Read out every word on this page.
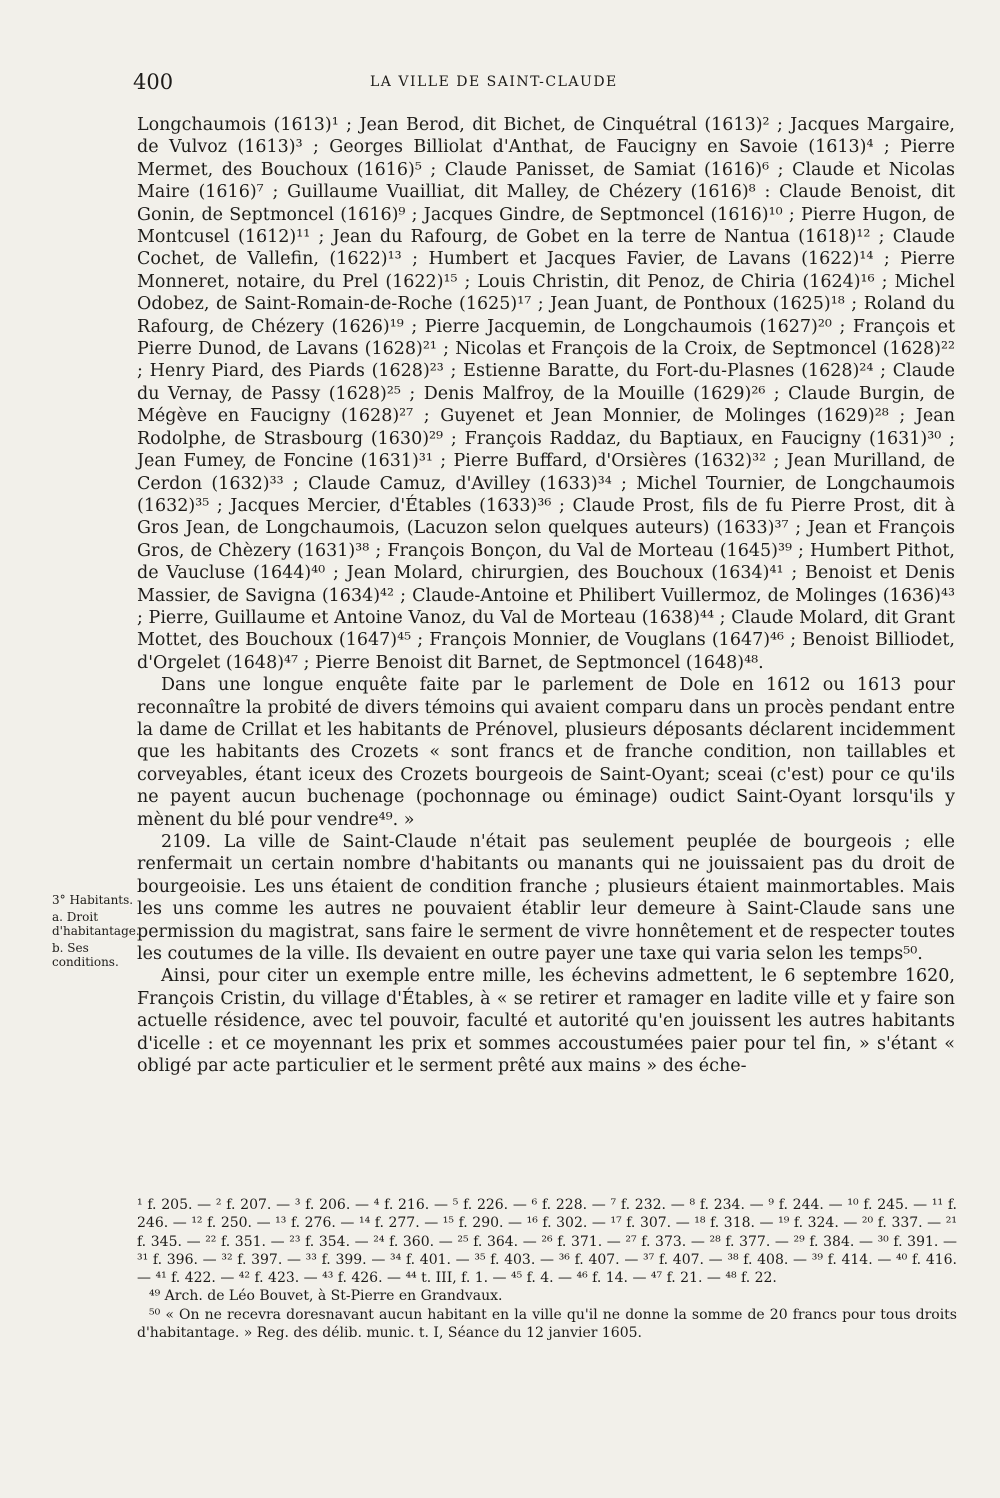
400	LA VILLE DE SAINT-CLAUDE

Longchaumois (1613)¹ ; Jean Berod, dit Bichet, de Cinquétral (1613)² ; Jacques Margaire, de Vulvoz (1613)³ ; Georges Billiolat d'Anthat, de Faucigny en Savoie (1613)⁴ ; Pierre Mermet, des Bouchoux (1616)⁵ ; Claude Panisset, de Samiat (1616)⁶ ; Claude et Nicolas Maire (1616)⁷ ; Guillaume Vuailliat, dit Malley, de Chézery (1616)⁸ : Claude Benoist, dit Gonin, de Septmoncel (1616)⁹ ; Jacques Gindre, de Septmoncel (1616)¹⁰ ; Pierre Hugon, de Montcusel (1612)¹¹ ; Jean du Rafourg, de Gobet en la terre de Nantua (1618)¹² ; Claude Cochet, de Vallefin, (1622)¹³ ; Humbert et Jacques Favier, de Lavans (1622)¹⁴ ; Pierre Monneret, notaire, du Prel (1622)¹⁵ ; Louis Christin, dit Penoz, de Chiria (1624)¹⁶ ; Michel Odobez, de Saint-Romain-de-Roche (1625)¹⁷ ; Jean Juant, de Ponthoux (1625)¹⁸ ; Roland du Rafourg, de Chézery (1626)¹⁹ ; Pierre Jacquemin, de Longchaumois (1627)²⁰ ; François et Pierre Dunod, de Lavans (1628)²¹ ; Nicolas et François de la Croix, de Septmoncel (1628)²² ; Henry Piard, des Piards (1628)²³ ; Estienne Baratte, du Fort-du-Plasnes (1628)²⁴ ; Claude du Vernay, de Passy (1628)²⁵ ; Denis Malfroy, de la Mouille (1629)²⁶ ; Claude Burgin, de Mégève en Faucigny (1628)²⁷ ; Guyenet et Jean Monnier, de Molinges (1629)²⁸ ; Jean Rodolphe, de Strasbourg (1630)²⁹ ; François Raddaz, du Baptiaux, en Faucigny (1631)³⁰ ; Jean Fumey, de Foncine (1631)³¹ ; Pierre Buffard, d'Orsières (1632)³² ; Jean Murilland, de Cerdon (1632)³³ ; Claude Camuz, d'Avilley (1633)³⁴ ; Michel Tournier, de Longchaumois (1632)³⁵ ; Jacques Mercier, d'Étables (1633)³⁶ ; Claude Prost, fils de fu Pierre Prost, dit à Gros Jean, de Longchaumois, (Lacuzon selon quelques auteurs) (1633)³⁷ ; Jean et François Gros, de Chèzery (1631)³⁸ ; François Bonçon, du Val de Morteau (1645)³⁹ ; Humbert Pithot, de Vaucluse (1644)⁴⁰ ; Jean Molard, chirurgien, des Bouchoux (1634)⁴¹ ; Benoist et Denis Massier, de Savigna (1634)⁴² ; Claude-Antoine et Philibert Vuillermoz, de Molinges (1636)⁴³ ; Pierre, Guillaume et Antoine Vanoz, du Val de Morteau (1638)⁴⁴ ; Claude Molard, dit Grant Mottet, des Bouchoux (1647)⁴⁵ ; François Monnier, de Vouglans (1647)⁴⁶ ; Benoist Billiodet, d'Orgelet (1648)⁴⁷ ; Pierre Benoist dit Barnet, de Septmoncel (1648)⁴⁸.

Dans une longue enquête faite par le parlement de Dole en 1612 ou 1613 pour reconnaître la probité de divers témoins qui avaient comparu dans un procès pendant entre la dame de Crillat et les habitants de Prénovel, plusieurs déposants déclarent incidemment que les habitants des Crozets « sont francs et de franche condition, non taillables et corveyables, étant iceux des Crozets bourgeois de Saint-Oyant; sceai (c'est) pour ce qu'ils ne payent aucun buchenage (pochonnage ou éminage) oudict Saint-Oyant lorsqu'ils y mènent du blé pour vendre⁴⁹. »

2109. La ville de Saint-Claude n'était pas seulement peuplée de bourgeois ; elle renfermait un certain nombre d'habitants ou manants qui ne jouissaient pas du droit de bourgeoisie. Les uns étaient de condition franche ; plusieurs étaient mainmortables. Mais les uns comme les autres ne pouvaient établir leur demeure à Saint-Claude sans une permission du magistrat, sans faire le serment de vivre honnêtement et de respecter toutes les coutumes de la ville. Ils devaient en outre payer une taxe qui varia selon les temps⁵⁰.

Ainsi, pour citer un exemple entre mille, les échevins admettent, le 6 septembre 1620, François Cristin, du village d'Étables, à « se retirer et ramager en ladite ville et y faire son actuelle résidence, avec tel pouvoir, faculté et autorité qu'en jouissent les autres habitants d'icelle : et ce moyennant les prix et sommes accoustumées paier pour tel fin, » s'étant « obligé par acte particulier et le serment prêté aux mains » des éche-

3° Habitants.
a. Droit d'habitantage.
b. Ses conditions.

¹ f. 205. — ² f. 207. — ³ f. 206. — ⁴ f. 216. — ⁵ f. 226. — ⁶ f. 228. — ⁷ f. 232. — ⁸ f. 234. — ⁹ f. 244. — ¹⁰ f. 245. — ¹¹ f. 246. — ¹² f. 250. — ¹³ f. 276. — ¹⁴ f. 277. — ¹⁵ f. 290. — ¹⁶ f. 302. — ¹⁷ f. 307. — ¹⁸ f. 318. — ¹⁹ f. 324. — ²⁰ f. 337. — ²¹ f. 345. — ²² f. 351. — ²³ f. 354. — ²⁴ f. 360. — ²⁵ f. 364. — ²⁶ f. 371. — ²⁷ f. 373. — ²⁸ f. 377. — ²⁹ f. 384. — ³⁰ f. 391. — ³¹ f. 396. — ³² f. 397. — ³³ f. 399. — ³⁴ f. 401. — ³⁵ f. 403. — ³⁶ f. 407. — ³⁷ f. 407. — ³⁸ f. 408. — ³⁹ f. 414. — ⁴⁰ f. 416. — ⁴¹ f. 422. — ⁴² f. 423. — ⁴³ f. 426. — ⁴⁴ t. III, f. 1. — ⁴⁵ f. 4. — ⁴⁶ f. 14. — ⁴⁷ f. 21. — ⁴⁸ f. 22.

⁴⁹ Arch. de Léo Bouvet, à St-Pierre en Grandvaux.

⁵⁰ « On ne recevra doresnavant aucun habitant en la ville qu'il ne donne la somme de 20 francs pour tous droits d'habitantage. » Reg. des délib. munic. t. I, Séance du 12 janvier 1605.
